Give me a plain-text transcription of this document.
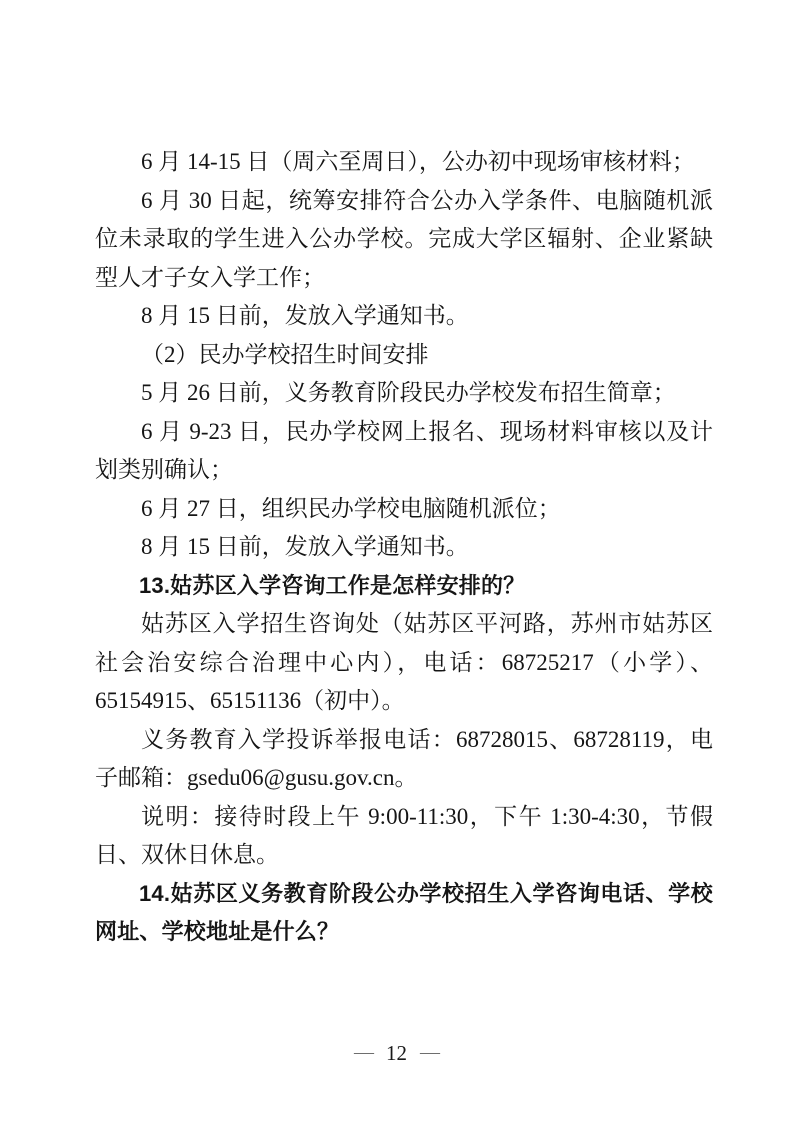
6 月 14-15 日（周六至周日），公办初中现场审核材料；

6 月 30 日起，统筹安排符合公办入学条件、电脑随机派位未录取的学生进入公办学校。完成大学区辐射、企业紧缺型人才子女入学工作；

8 月 15 日前，发放入学通知书。

（2）民办学校招生时间安排

5 月 26 日前，义务教育阶段民办学校发布招生简章；

6 月 9-23 日，民办学校网上报名、现场材料审核以及计划类别确认；

6 月 27 日，组织民办学校电脑随机派位；

8 月 15 日前，发放入学通知书。

13.姑苏区入学咨询工作是怎样安排的？

姑苏区入学招生咨询处（姑苏区平河路，苏州市姑苏区社会治安综合治理中心内），电话：68725217（小学）、65154915、65151136（初中）。

义务教育入学投诉举报电话：68728015、68728119，电子邮箱：gsedu06@gusu.gov.cn。

说明：接待时段上午 9:00-11:30，下午 1:30-4:30，节假日、双休日休息。

14.姑苏区义务教育阶段公办学校招生入学咨询电话、学校网址、学校地址是什么？

— 12 —
